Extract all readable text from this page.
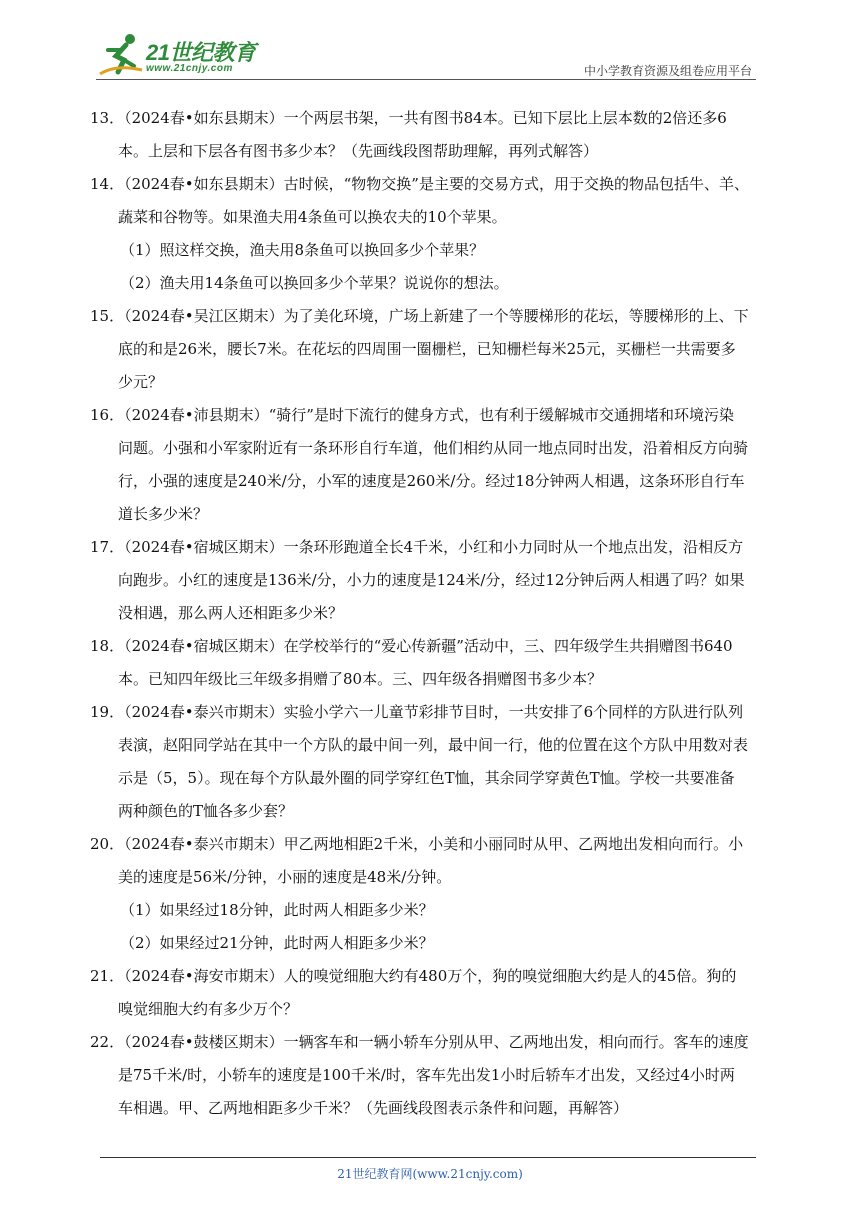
21世纪教育
www.21cnjy.com	中小学教育资源及组卷应用平台
13．（2024春•如东县期末）一个两层书架，一共有图书84本。已知下层比上层本数的2倍还多6
本。上层和下层各有图书多少本？（先画线段图帮助理解，再列式解答）
14．（2024春•如东县期末）古时候，“物物交换”是主要的交易方式，用于交换的物品包括牛、羊、
蔬菜和谷物等。如果渔夫用4条鱼可以换农夫的10个苹果。
（1）照这样交换，渔夫用8条鱼可以换回多少个苹果？
（2）渔夫用14条鱼可以换回多少个苹果？说说你的想法。
15．（2024春•吴江区期末）为了美化环境，广场上新建了一个等腰梯形的花坛，等腰梯形的上、下
底的和是26米，腰长7米。在花坛的四周围一圈栅栏，已知栅栏每米25元，买栅栏一共需要多
少元？
16．（2024春•沛县期末）“骑行”是时下流行的健身方式，也有利于缓解城市交通拥堵和环境污染
问题。小强和小军家附近有一条环形自行车道，他们相约从同一地点同时出发，沿着相反方向骑
行，小强的速度是240米/分，小军的速度是260米/分。经过18分钟两人相遇，这条环形自行车
道长多少米？
17．（2024春•宿城区期末）一条环形跑道全长4千米，小红和小力同时从一个地点出发，沿相反方
向跑步。小红的速度是136米/分，小力的速度是124米/分，经过12分钟后两人相遇了吗？如果
没相遇，那么两人还相距多少米？
18．（2024春•宿城区期末）在学校举行的“爱心传新疆”活动中，三、四年级学生共捐赠图书640
本。已知四年级比三年级多捐赠了80本。三、四年级各捐赠图书多少本？
19．（2024春•泰兴市期末）实验小学六一儿童节彩排节目时，一共安排了6个同样的方队进行队列
表演，赵阳同学站在其中一个方队的最中间一列，最中间一行，他的位置在这个方队中用数对表
示是（5，5）。现在每个方队最外圈的同学穿红色T恤，其余同学穿黄色T恤。学校一共要准备
两种颜色的T恤各多少套？
20．（2024春•泰兴市期末）甲乙两地相距2千米，小美和小丽同时从甲、乙两地出发相向而行。小
美的速度是56米/分钟，小丽的速度是48米/分钟。
（1）如果经过18分钟，此时两人相距多少米？
（2）如果经过21分钟，此时两人相距多少米？
21．（2024春•海安市期末）人的嗅觉细胞大约有480万个，狗的嗅觉细胞大约是人的45倍。狗的
嗅觉细胞大约有多少万个？
22．（2024春•鼓楼区期末）一辆客车和一辆小轿车分别从甲、乙两地出发，相向而行。客车的速度
是75千米/时，小轿车的速度是100千米/时，客车先出发1小时后轿车才出发，又经过4小时两
车相遇。甲、乙两地相距多少千米？（先画线段图表示条件和问题，再解答）
21世纪教育网(www.21cnjy.com)
